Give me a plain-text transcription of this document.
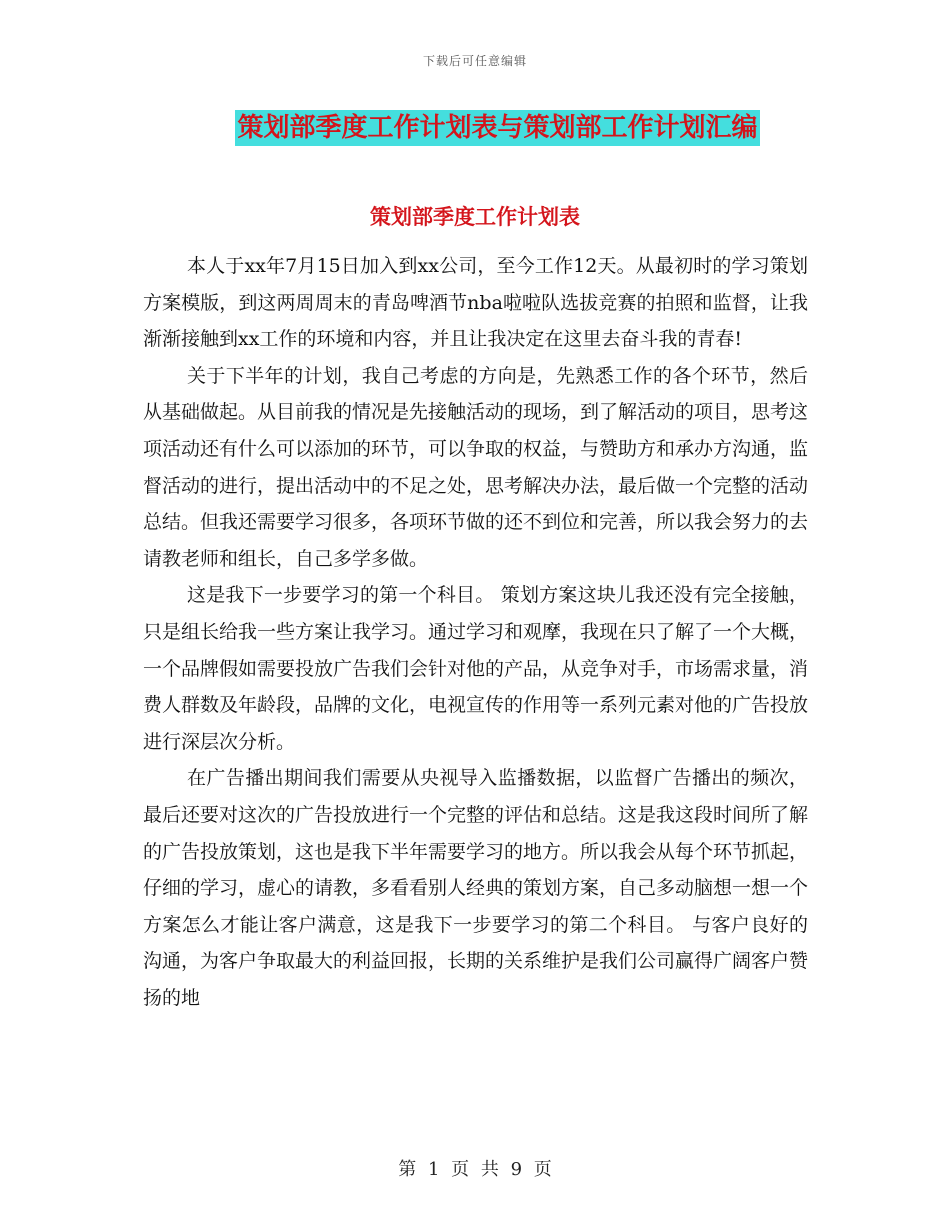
下载后可任意编辑
策划部季度工作计划表与策划部工作计划汇编
策划部季度工作计划表

本人于xx年7月15日加入到xx公司，至今工作12天。从最初时的学习策划方案模版，到这两周周末的青岛啤酒节nba啦啦队选拔竞赛的拍照和监督，让我渐渐接触到xx工作的环境和内容，并且让我决定在这里去奋斗我的青春!

关于下半年的计划，我自己考虑的方向是，先熟悉工作的各个环节，然后从基础做起。从目前我的情况是先接触活动的现场，到了解活动的项目，思考这项活动还有什么可以添加的环节，可以争取的权益，与赞助方和承办方沟通，监督活动的进行，提出活动中的不足之处，思考解决办法，最后做一个完整的活动总结。但我还需要学习很多，各项环节做的还不到位和完善，所以我会努力的去请教老师和组长，自己多学多做。

这是我下一步要学习的第一个科目。 策划方案这块儿我还没有完全接触，只是组长给我一些方案让我学习。通过学习和观摩，我现在只了解了一个大概，一个品牌假如需要投放广告我们会针对他的产品，从竞争对手，市场需求量，消费人群数及年龄段，品牌的文化，电视宣传的作用等一系列元素对他的广告投放进行深层次分析。

在广告播出期间我们需要从央视导入监播数据，以监督广告播出的频次，最后还要对这次的广告投放进行一个完整的评估和总结。这是我这段时间所了解的广告投放策划，这也是我下半年需要学习的地方。所以我会从每个环节抓起，仔细的学习，虚心的请教，多看看别人经典的策划方案，自己多动脑想一想一个方案怎么才能让客户满意，这是我下一步要学习的第二个科目。 与客户良好的沟通，为客户争取最大的利益回报，长期的关系维护是我们公司赢得广阔客户赞扬的地

第 1 页 共 9 页
